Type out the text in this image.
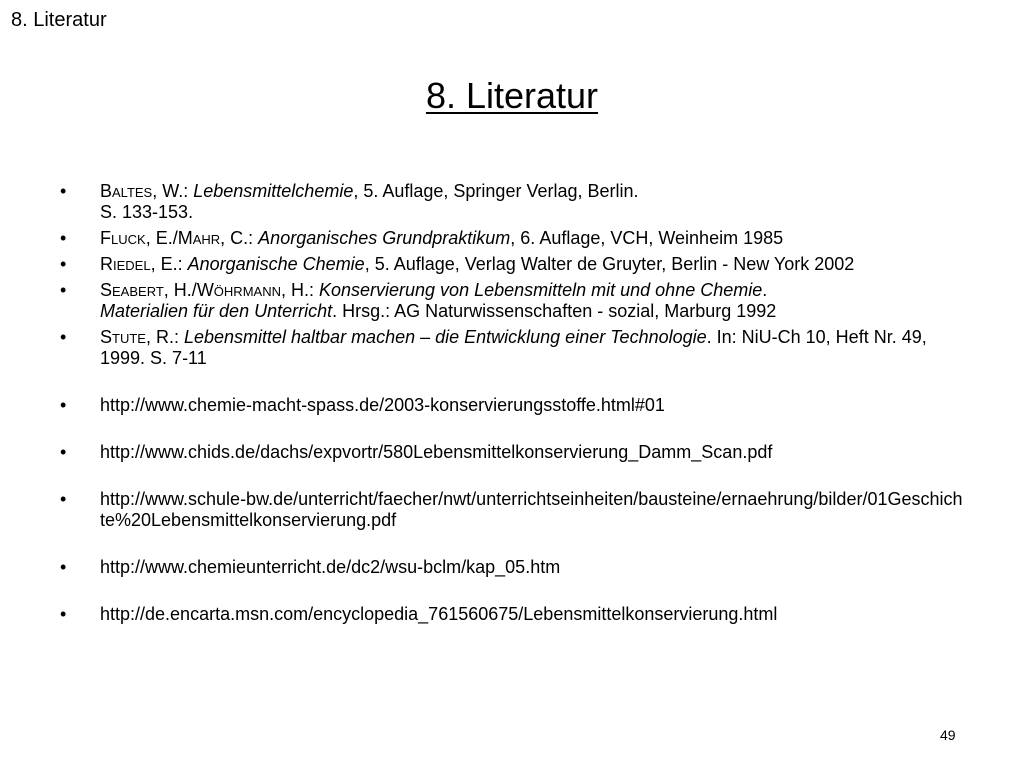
8. Literatur
8. Literatur
•	Baltes, W.: Lebensmittelchemie, 5. Auflage, Springer Verlag, Berlin.
S. 133-153.
•	Fluck, E./Mahr, C.: Anorganisches Grundpraktikum, 6. Auflage, VCH, Weinheim 1985
•	Riedel, E.: Anorganische Chemie, 5. Auflage, Verlag Walter de Gruyter, Berlin - New York 2002
•	Seabert, H./Wöhrmann, H.: Konservierung von Lebensmitteln mit und ohne Chemie.
Materialien für den Unterricht. Hrsg.: AG Naturwissenschaften - sozial, Marburg 1992
•	Stute, R.: Lebensmittel haltbar machen – die Entwicklung einer Technologie. In: NiU-Ch 10, Heft Nr. 49, 1999. S. 7-11
•	http://www.chemie-macht-spass.de/2003-konservierungsstoffe.html#01
•	http://www.chids.de/dachs/expvortr/580Lebensmittelkonservierung_Damm_Scan.pdf
•	http://www.schule-bw.de/unterricht/faecher/nwt/unterrichtseinheiten/bausteine/ernaehrung/bilder/01Geschichte%20Lebensmittelkonservierung.pdf
•	http://www.chemieunterricht.de/dc2/wsu-bclm/kap_05.htm
•	http://de.encarta.msn.com/encyclopedia_761560675/Lebensmittelkonservierung.html
49
